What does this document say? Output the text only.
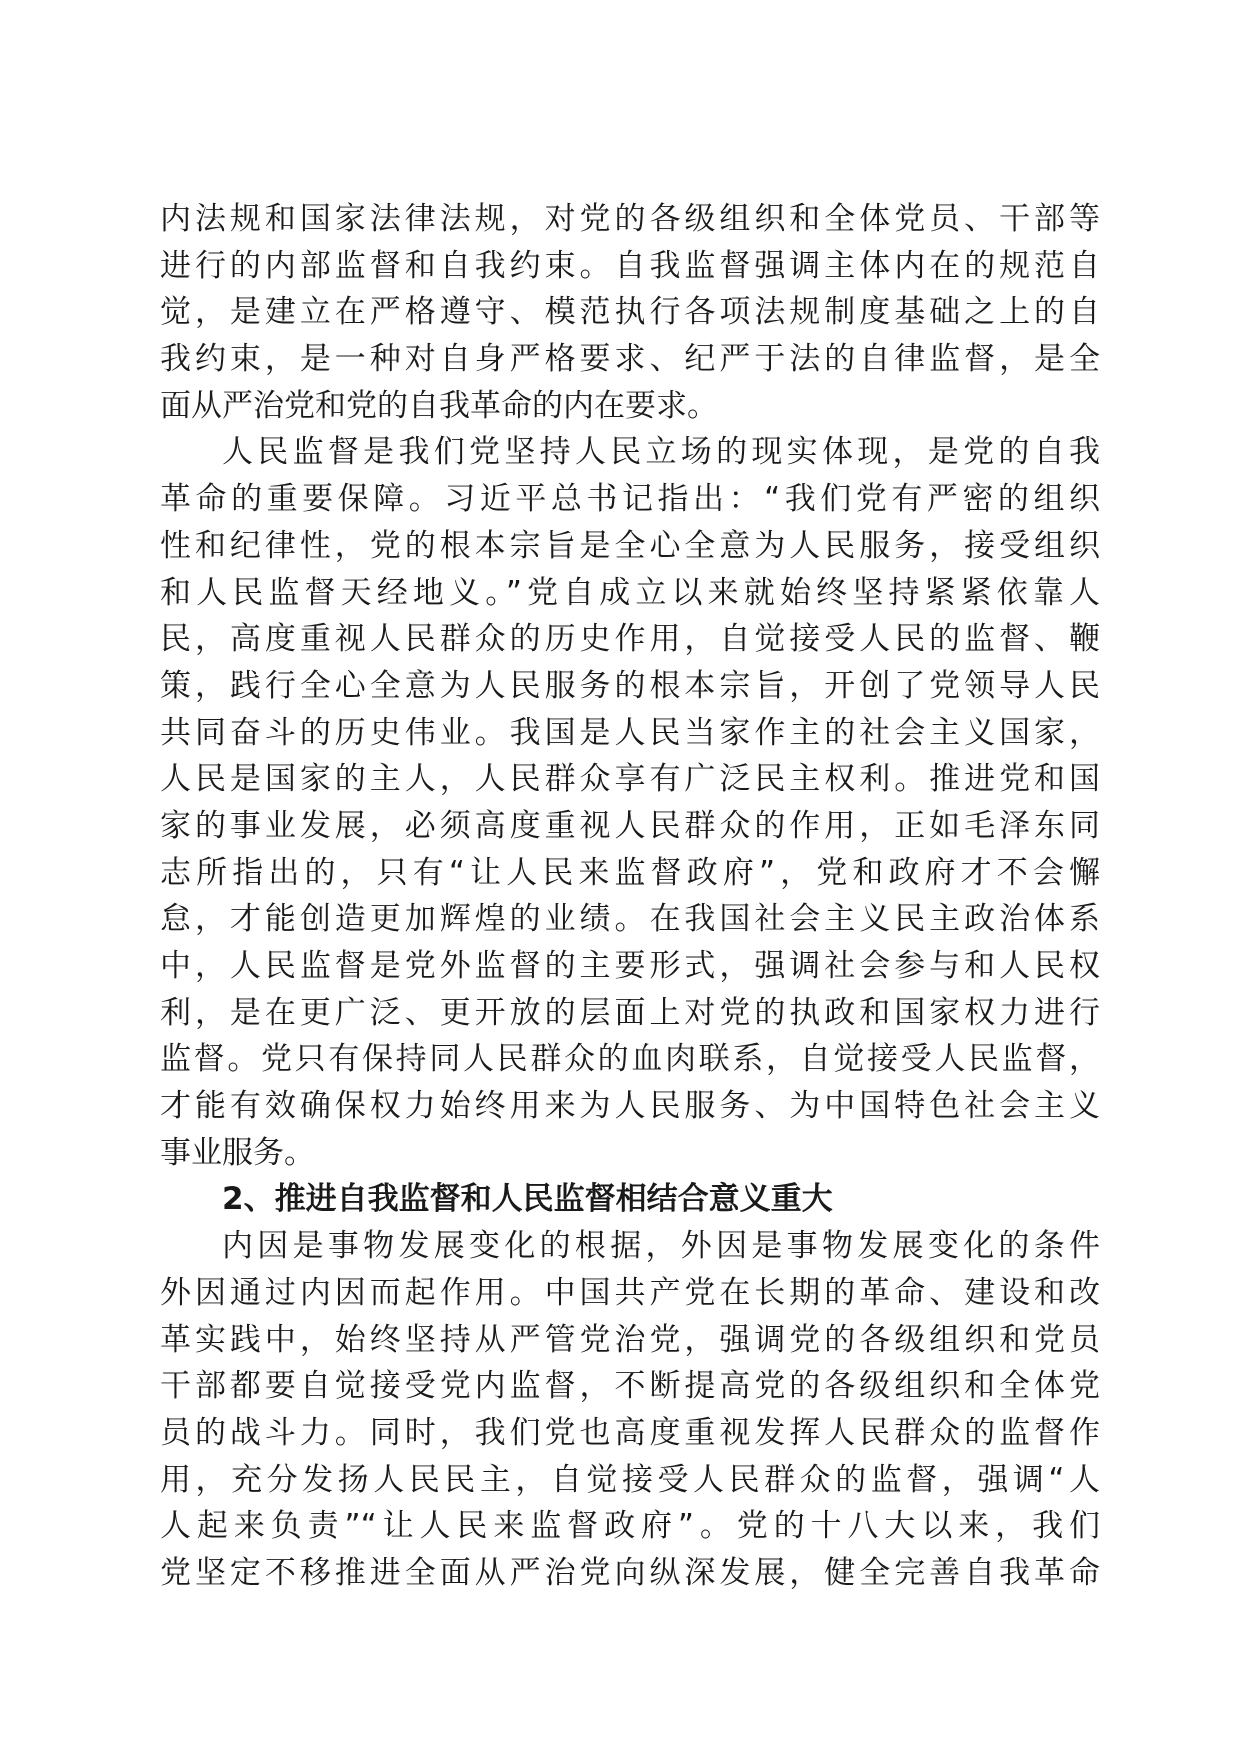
内法规和国家法律法规，对党的各级组织和全体党员、干部等
进行的内部监督和自我约束。自我监督强调主体内在的规范自
觉，是建立在严格遵守、模范执行各项法规制度基础之上的自
我约束，是一种对自身严格要求、纪严于法的自律监督，是全
面从严治党和党的自我革命的内在要求。
人民监督是我们党坚持人民立场的现实体现，是党的自我
革命的重要保障。习近平总书记指出：“我们党有严密的组织
性和纪律性，党的根本宗旨是全心全意为人民服务，接受组织
和人民监督天经地义。”党自成立以来就始终坚持紧紧依靠人
民，高度重视人民群众的历史作用，自觉接受人民的监督、鞭
策，践行全心全意为人民服务的根本宗旨，开创了党领导人民
共同奋斗的历史伟业。我国是人民当家作主的社会主义国家，
人民是国家的主人，人民群众享有广泛民主权利。推进党和国
家的事业发展，必须高度重视人民群众的作用，正如毛泽东同
志所指出的，只有“让人民来监督政府”，党和政府才不会懈
怠，才能创造更加辉煌的业绩。在我国社会主义民主政治体系
中，人民监督是党外监督的主要形式，强调社会参与和人民权
利，是在更广泛、更开放的层面上对党的执政和国家权力进行
监督。党只有保持同人民群众的血肉联系，自觉接受人民监督，
才能有效确保权力始终用来为人民服务、为中国特色社会主义
事业服务。
2、推进自我监督和人民监督相结合意义重大
内因是事物发展变化的根据，外因是事物发展变化的条件
外因通过内因而起作用。中国共产党在长期的革命、建设和改
革实践中，始终坚持从严管党治党，强调党的各级组织和党员
干部都要自觉接受党内监督，不断提高党的各级组织和全体党
员的战斗力。同时，我们党也高度重视发挥人民群众的监督作
用，充分发扬人民民主，自觉接受人民群众的监督，强调“人
人起来负责”“让人民来监督政府”。党的十八大以来，我们
党坚定不移推进全面从严治党向纵深发展，健全完善自我革命
